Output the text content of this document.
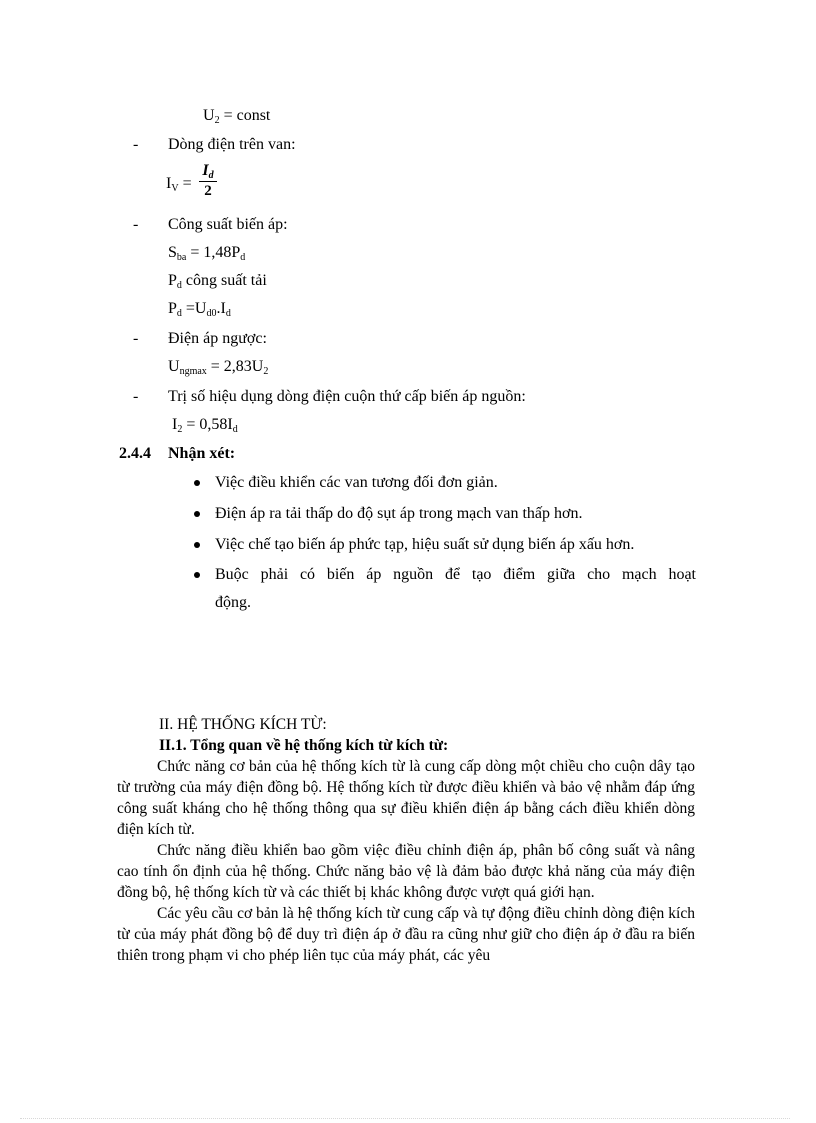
$U_2$ = const
- Dòng điện trên van:
$I_V$ =
$I_d$
2
- Công suất biến áp:
$S_{ba} = 1,48P_d$
$P_d$ công suất tải
$P_d =U_{d0}.I_d$
- Điện áp ngược:
$U_{ngmax} = 2,83U_2$
- Trị số hiệu dụng dòng điện cuộn thứ cấp biến áp nguồn:
$I_2 = 0,58I_d$
2.4.4 Nhận xét:
Việc điều khiển các van tương đối đơn giản.
Điện áp ra tải thấp do độ sụt áp trong mạch van thấp hơn.
Việc chế tạo biến áp phức tạp, hiệu suất sử dụng biến áp xấu hơn.
Buộc phải có biến áp nguồn để tạo điểm giữa cho mạch hoạt
động.
II. HỆ THỐNG KÍCH TỪ:
II.1. Tổng quan về hệ thống kích từ kích từ:

Chức năng cơ bản của hệ thống kích từ là cung cấp dòng một chiều cho cuộn dây tạo từ trường của máy điện đồng bộ. Hệ thống kích từ được điều khiển và bảo vệ nhằm đáp ứng công suất kháng cho hệ thống thông qua sự điều khiển điện áp bằng cách điều khiển dòng điện kích từ.

Chức năng điều khiển bao gồm việc điều chỉnh điện áp, phân bố công suất và nâng cao tính ổn định của hệ thống. Chức năng bảo vệ là đảm bảo được khả năng của máy điện đồng bộ, hệ thống kích từ và các thiết bị khác không được vượt quá giới hạn.

Các yêu cầu cơ bản là hệ thống kích từ cung cấp và tự động điều chỉnh dòng điện kích từ của máy phát đồng bộ để duy trì điện áp ở đầu ra cũng như giữ cho điện áp ở đầu ra biến thiên trong phạm vi cho phép liên tục của máy phát, các yêu
